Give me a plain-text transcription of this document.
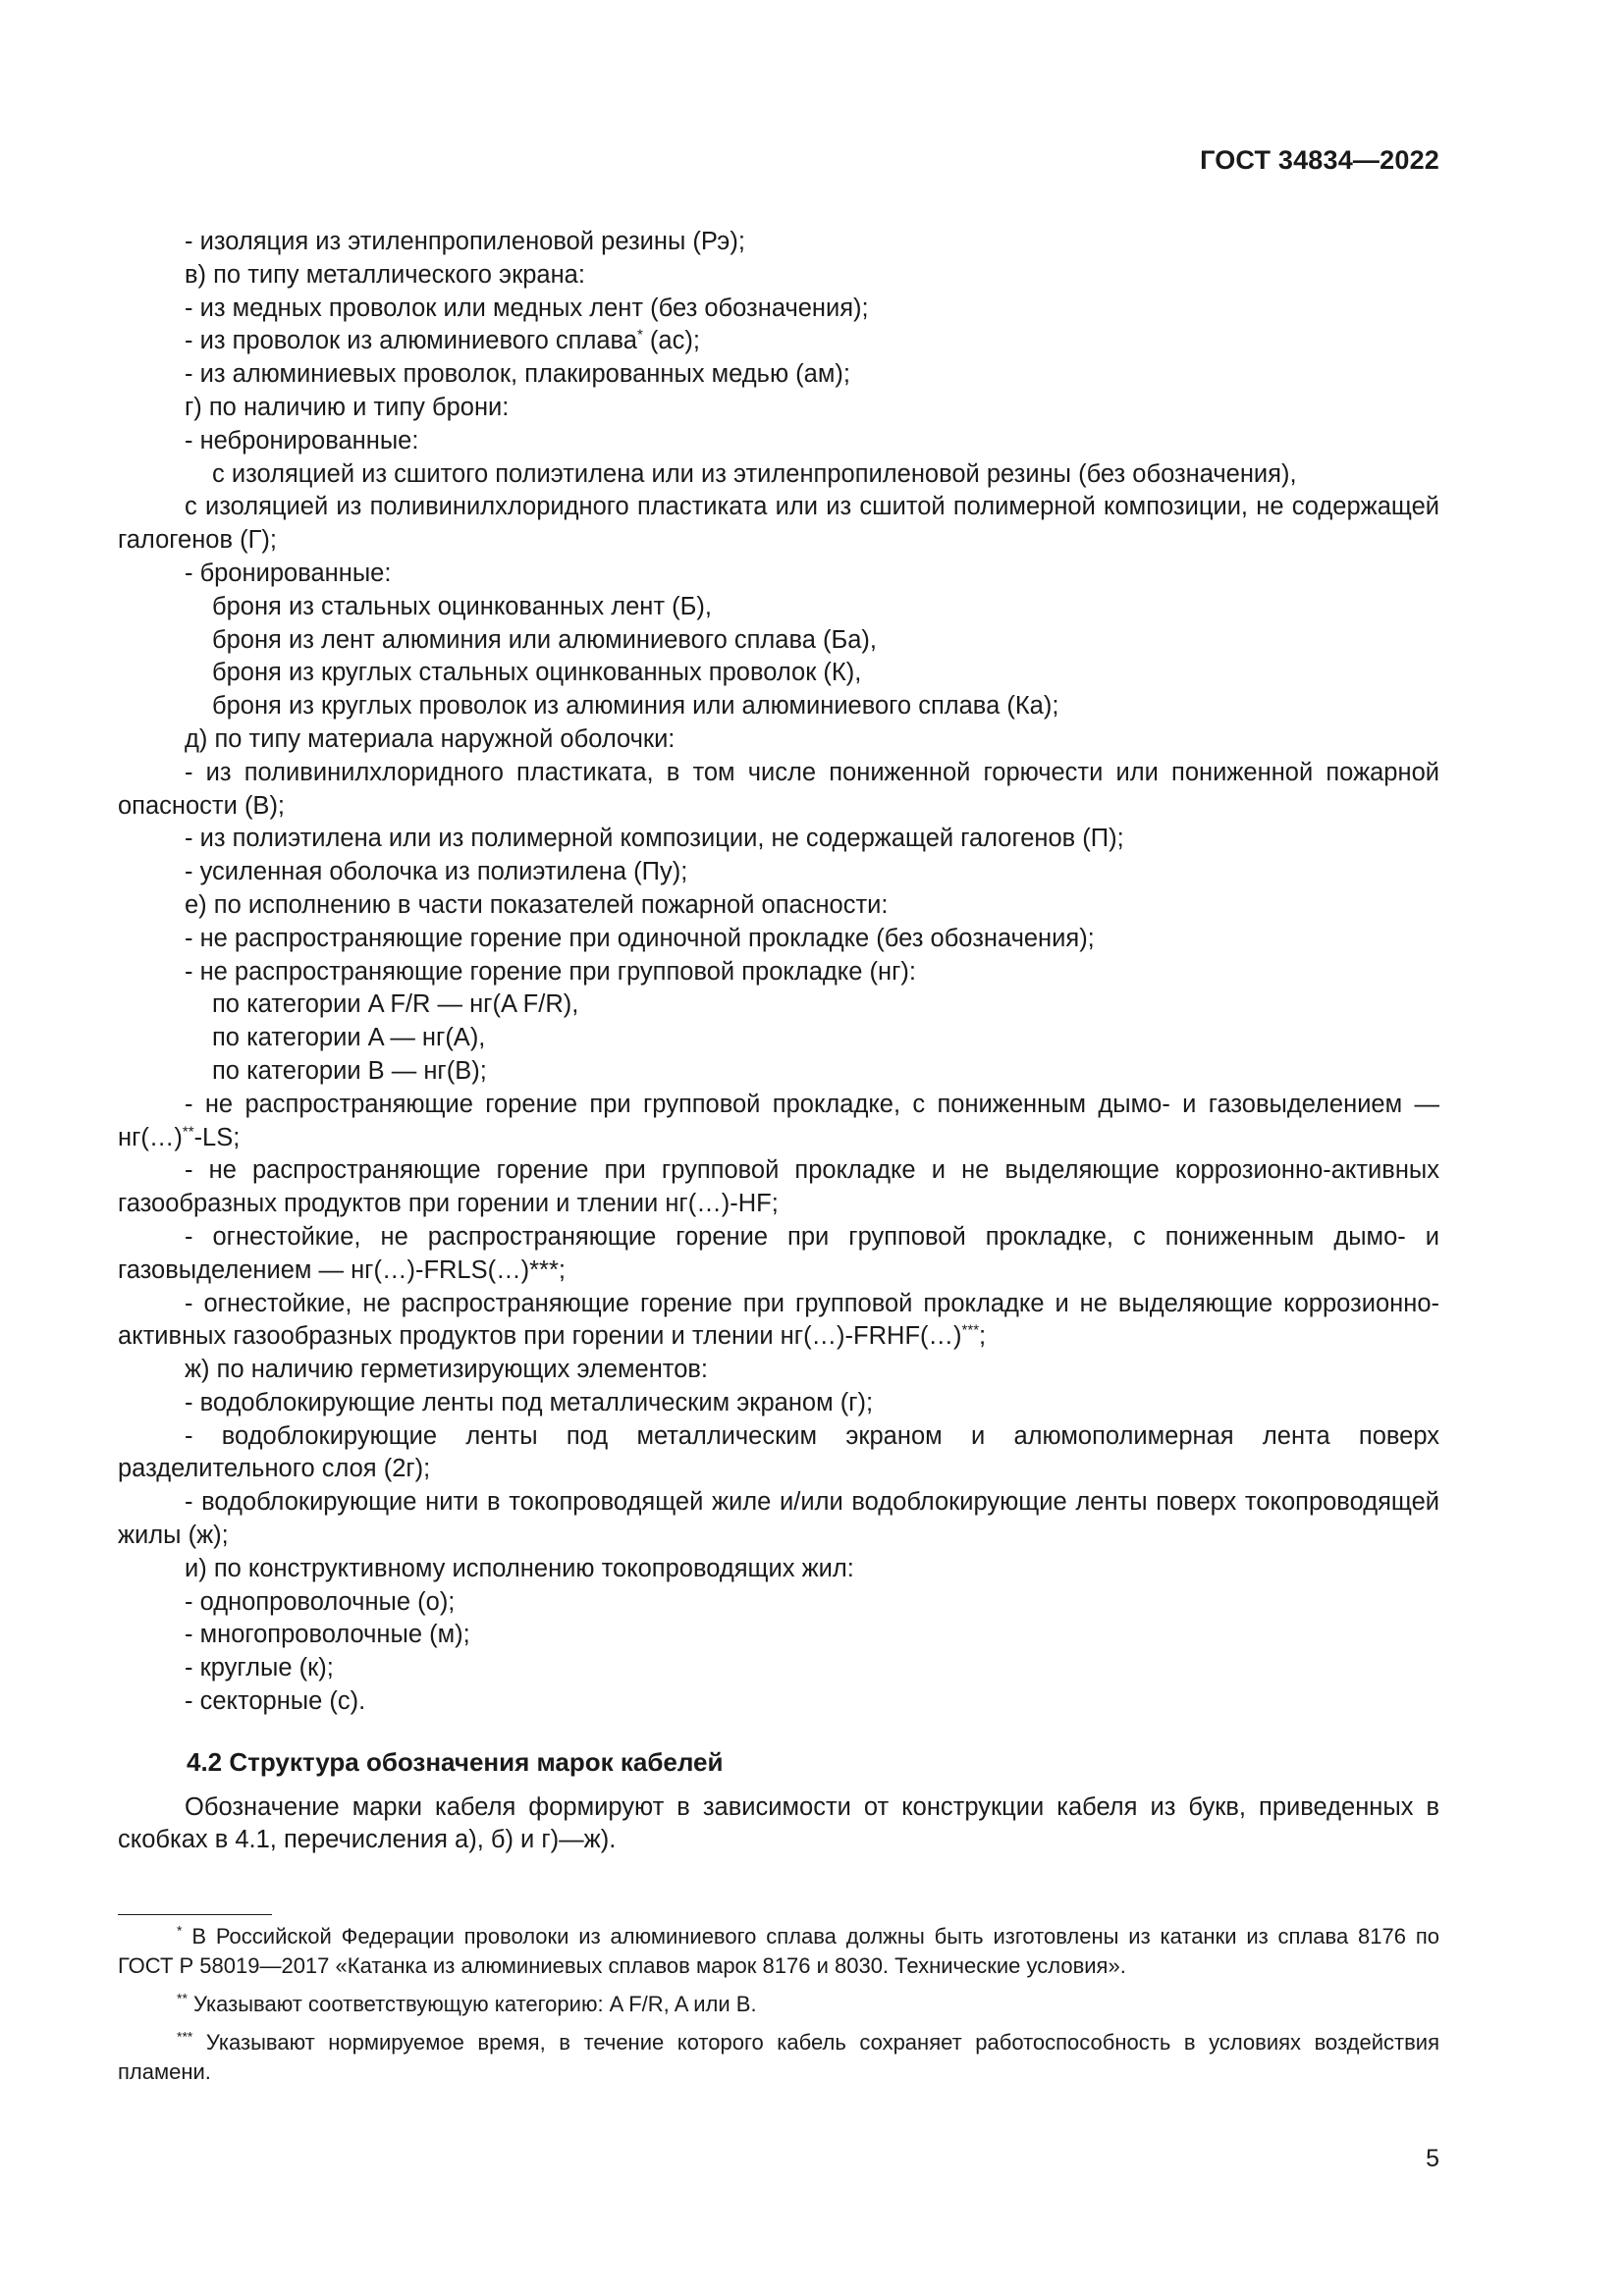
ГОСТ 34834—2022
- изоляция из этиленпропиленовой резины (Рэ);
в) по типу металлического экрана:
- из медных проволок или медных лент (без обозначения);
- из проволок из алюминиевого сплава* (ас);
- из алюминиевых проволок, плакированных медью (ам);
г) по наличию и типу брони:
- небронированные:
с изоляцией из сшитого полиэтилена или из этиленпропиленовой резины (без обозначения),

с изоляцией из поливинилхлоридного пластиката или из сшитой полимерной композиции, не содержащей галогенов (Г);

- бронированные:
броня из стальных оцинкованных лент (Б),
броня из лент алюминия или алюминиевого сплава (Ба),
броня из круглых стальных оцинкованных проволок (К),
броня из круглых проволок из алюминия или алюминиевого сплава (Ка);
д) по типу материала наружной оболочки:

- из поливинилхлоридного пластиката, в том числе пониженной горючести или пониженной пожарной опасности (В);

- из полиэтилена или из полимерной композиции, не содержащей галогенов (П);
- усиленная оболочка из полиэтилена (Пу);
е) по исполнению в части показателей пожарной опасности:
- не распространяющие горение при одиночной прокладке (без обозначения);
- не распространяющие горение при групповой прокладке (нг):
по категории A F/R — нг(A F/R),
по категории A — нг(A),
по категории B — нг(B);

- не распространяющие горение при групповой прокладке, с пониженным дымо- и газовыделением — нг(…)**-LS;

- не распространяющие горение при групповой прокладке и не выделяющие коррозионно-активных газообразных продуктов при горении и тлении нг(…)-HF;

- огнестойкие, не распространяющие горение при групповой прокладке, с пониженным дымо- и газовыделением — нг(…)-FRLS(…)***;

- огнестойкие, не распространяющие горение при групповой прокладке и не выделяющие коррозионно-активных газообразных продуктов при горении и тлении нг(…)-FRHF(…)***;

ж) по наличию герметизирующих элементов:
- водоблокирующие ленты под металлическим экраном (г);

- водоблокирующие ленты под металлическим экраном и алюмополимерная лента поверх разделительного слоя (2г);

- водоблокирующие нити в токопроводящей жиле и/или водоблокирующие ленты поверх токопроводящей жилы (ж);

и) по конструктивному исполнению токопроводящих жил:
- однопроволочные (о);
- многопроволочные (м);
- круглые (к);
- секторные (с).
4.2 Структура обозначения марок кабелей

Обозначение марки кабеля формируют в зависимости от конструкции кабеля из букв, приведенных в скобках в 4.1, перечисления а), б) и г)—ж).

* В Российской Федерации проволоки из алюминиевого сплава должны быть изготовлены из катанки из сплава 8176 по ГОСТ Р 58019—2017 «Катанка из алюминиевых сплавов марок 8176 и 8030. Технические условия».

** Указывают соответствующую категорию: A F/R, A или B.

*** Указывают нормируемое время, в течение которого кабель сохраняет работоспособность в условиях воздействия пламени.

5
